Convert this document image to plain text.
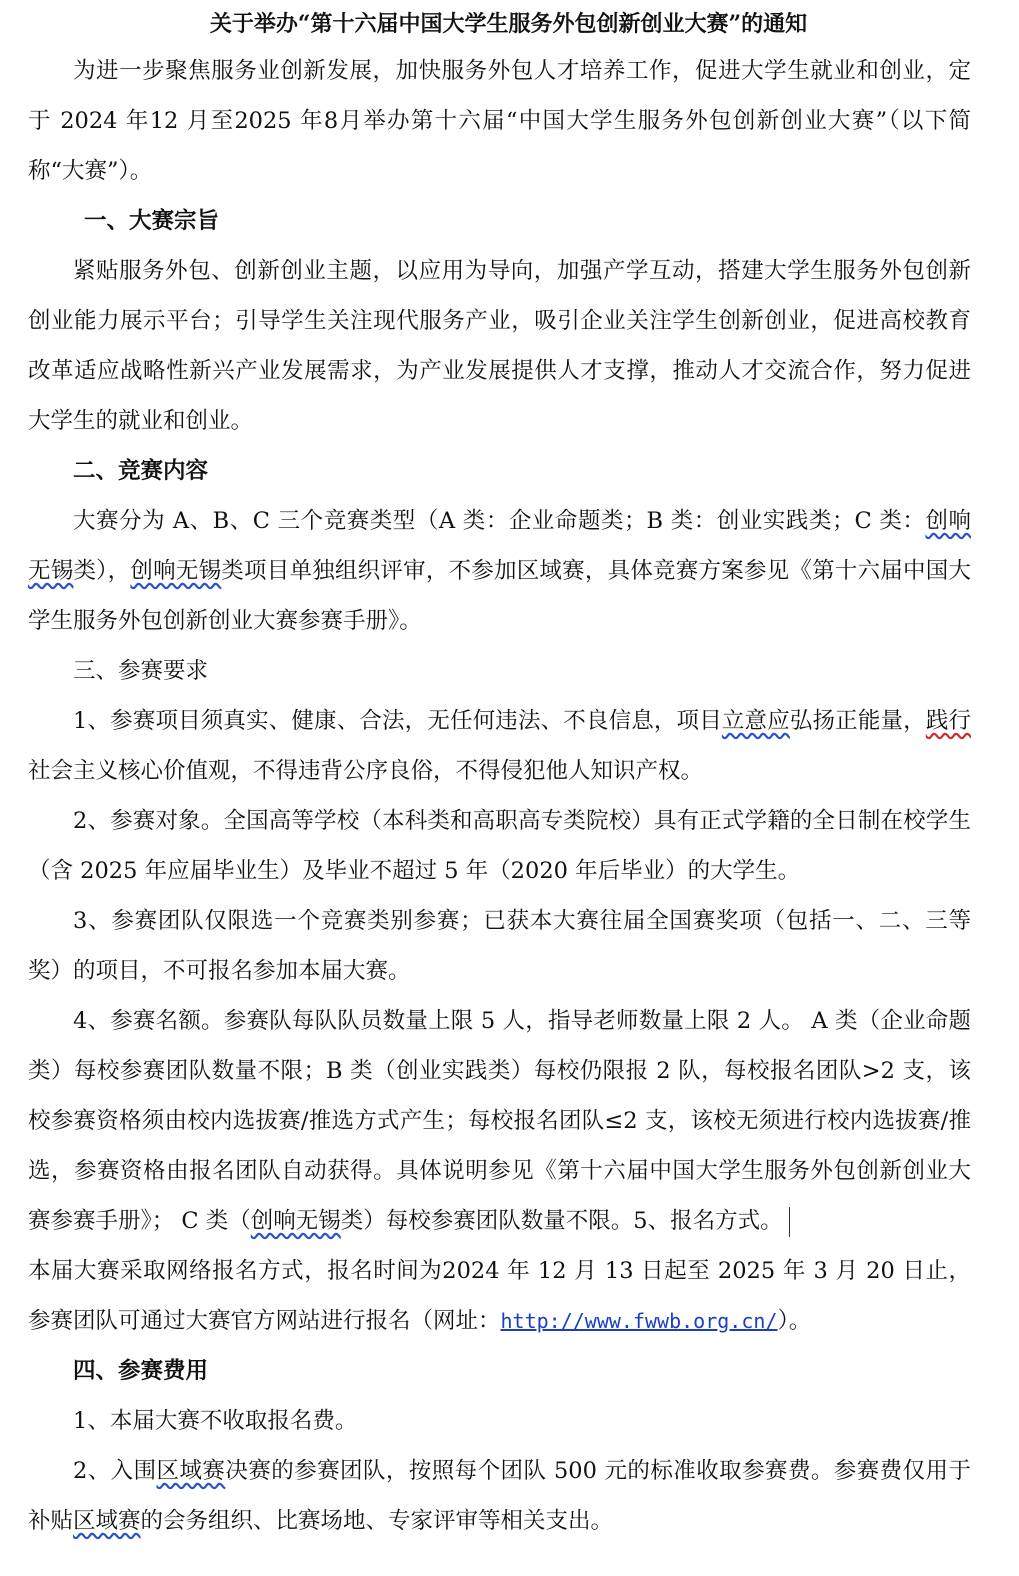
关于举办“第十六届中国大学生服务外包创新创业大赛”的通知

为进一步聚焦服务业创新发展，加快服务外包人才培养工作，促进大学生就业和创业，定于 2024 年12 月至2025 年8月举办第十六届“中国大学生服务外包创新创业大赛”（以下简称“大赛”）。

一、大赛宗旨

紧贴服务外包、创新创业主题，以应用为导向，加强产学互动，搭建大学生服务外包创新创业能力展示平台；引导学生关注现代服务产业，吸引企业关注学生创新创业，促进高校教育改革适应战略性新兴产业发展需求，为产业发展提供人才支撑，推动人才交流合作，努力促进大学生的就业和创业。

二、竞赛内容

大赛分为 A、B、C 三个竞赛类型（A 类：企业命题类；B 类：创业实践类；C 类：创响无锡类），创响无锡类项目单独组织评审，不参加区域赛，具体竞赛方案参见《第十六届中国大学生服务外包创新创业大赛参赛手册》。

三、参赛要求

1、参赛项目须真实、健康、合法，无任何违法、不良信息，项目立意应弘扬正能量，践行社会主义核心价值观，不得违背公序良俗，不得侵犯他人知识产权。

2、参赛对象。全国高等学校（本科类和高职高专类院校）具有正式学籍的全日制在校学生（含 2025 年应届毕业生）及毕业不超过 5 年（2020 年后毕业）的大学生。

3、参赛团队仅限选一个竞赛类别参赛；已获本大赛往届全国赛奖项（包括一、二、三等奖）的项目，不可报名参加本届大赛。

4、参赛名额。参赛队每队队员数量上限 5 人，指导老师数量上限 2 人。 A 类（企业命题类）每校参赛团队数量不限；B 类（创业实践类）每校仍限报 2 队，每校报名团队>2 支，该校参赛资格须由校内选拔赛/推选方式产生；每校报名团队≤2 支，该校无须进行校内选拔赛/推选，参赛资格由报名团队自动获得。具体说明参见《第十六届中国大学生服务外包创新创业大赛参赛手册》； C 类（创响无锡类）每校参赛团队数量不限。5、报名方式。

本届大赛采取网络报名方式，报名时间为2024 年 12 月 13 日起至 2025 年 3 月 20 日止，参赛团队可通过大赛官方网站进行报名（网址：http://www.fwwb.org.cn/）。

四、参赛费用

1、本届大赛不收取报名费。

2、入围区域赛决赛的参赛团队，按照每个团队 500 元的标准收取参赛费。参赛费仅用于补贴区域赛的会务组织、比赛场地、专家评审等相关支出。
